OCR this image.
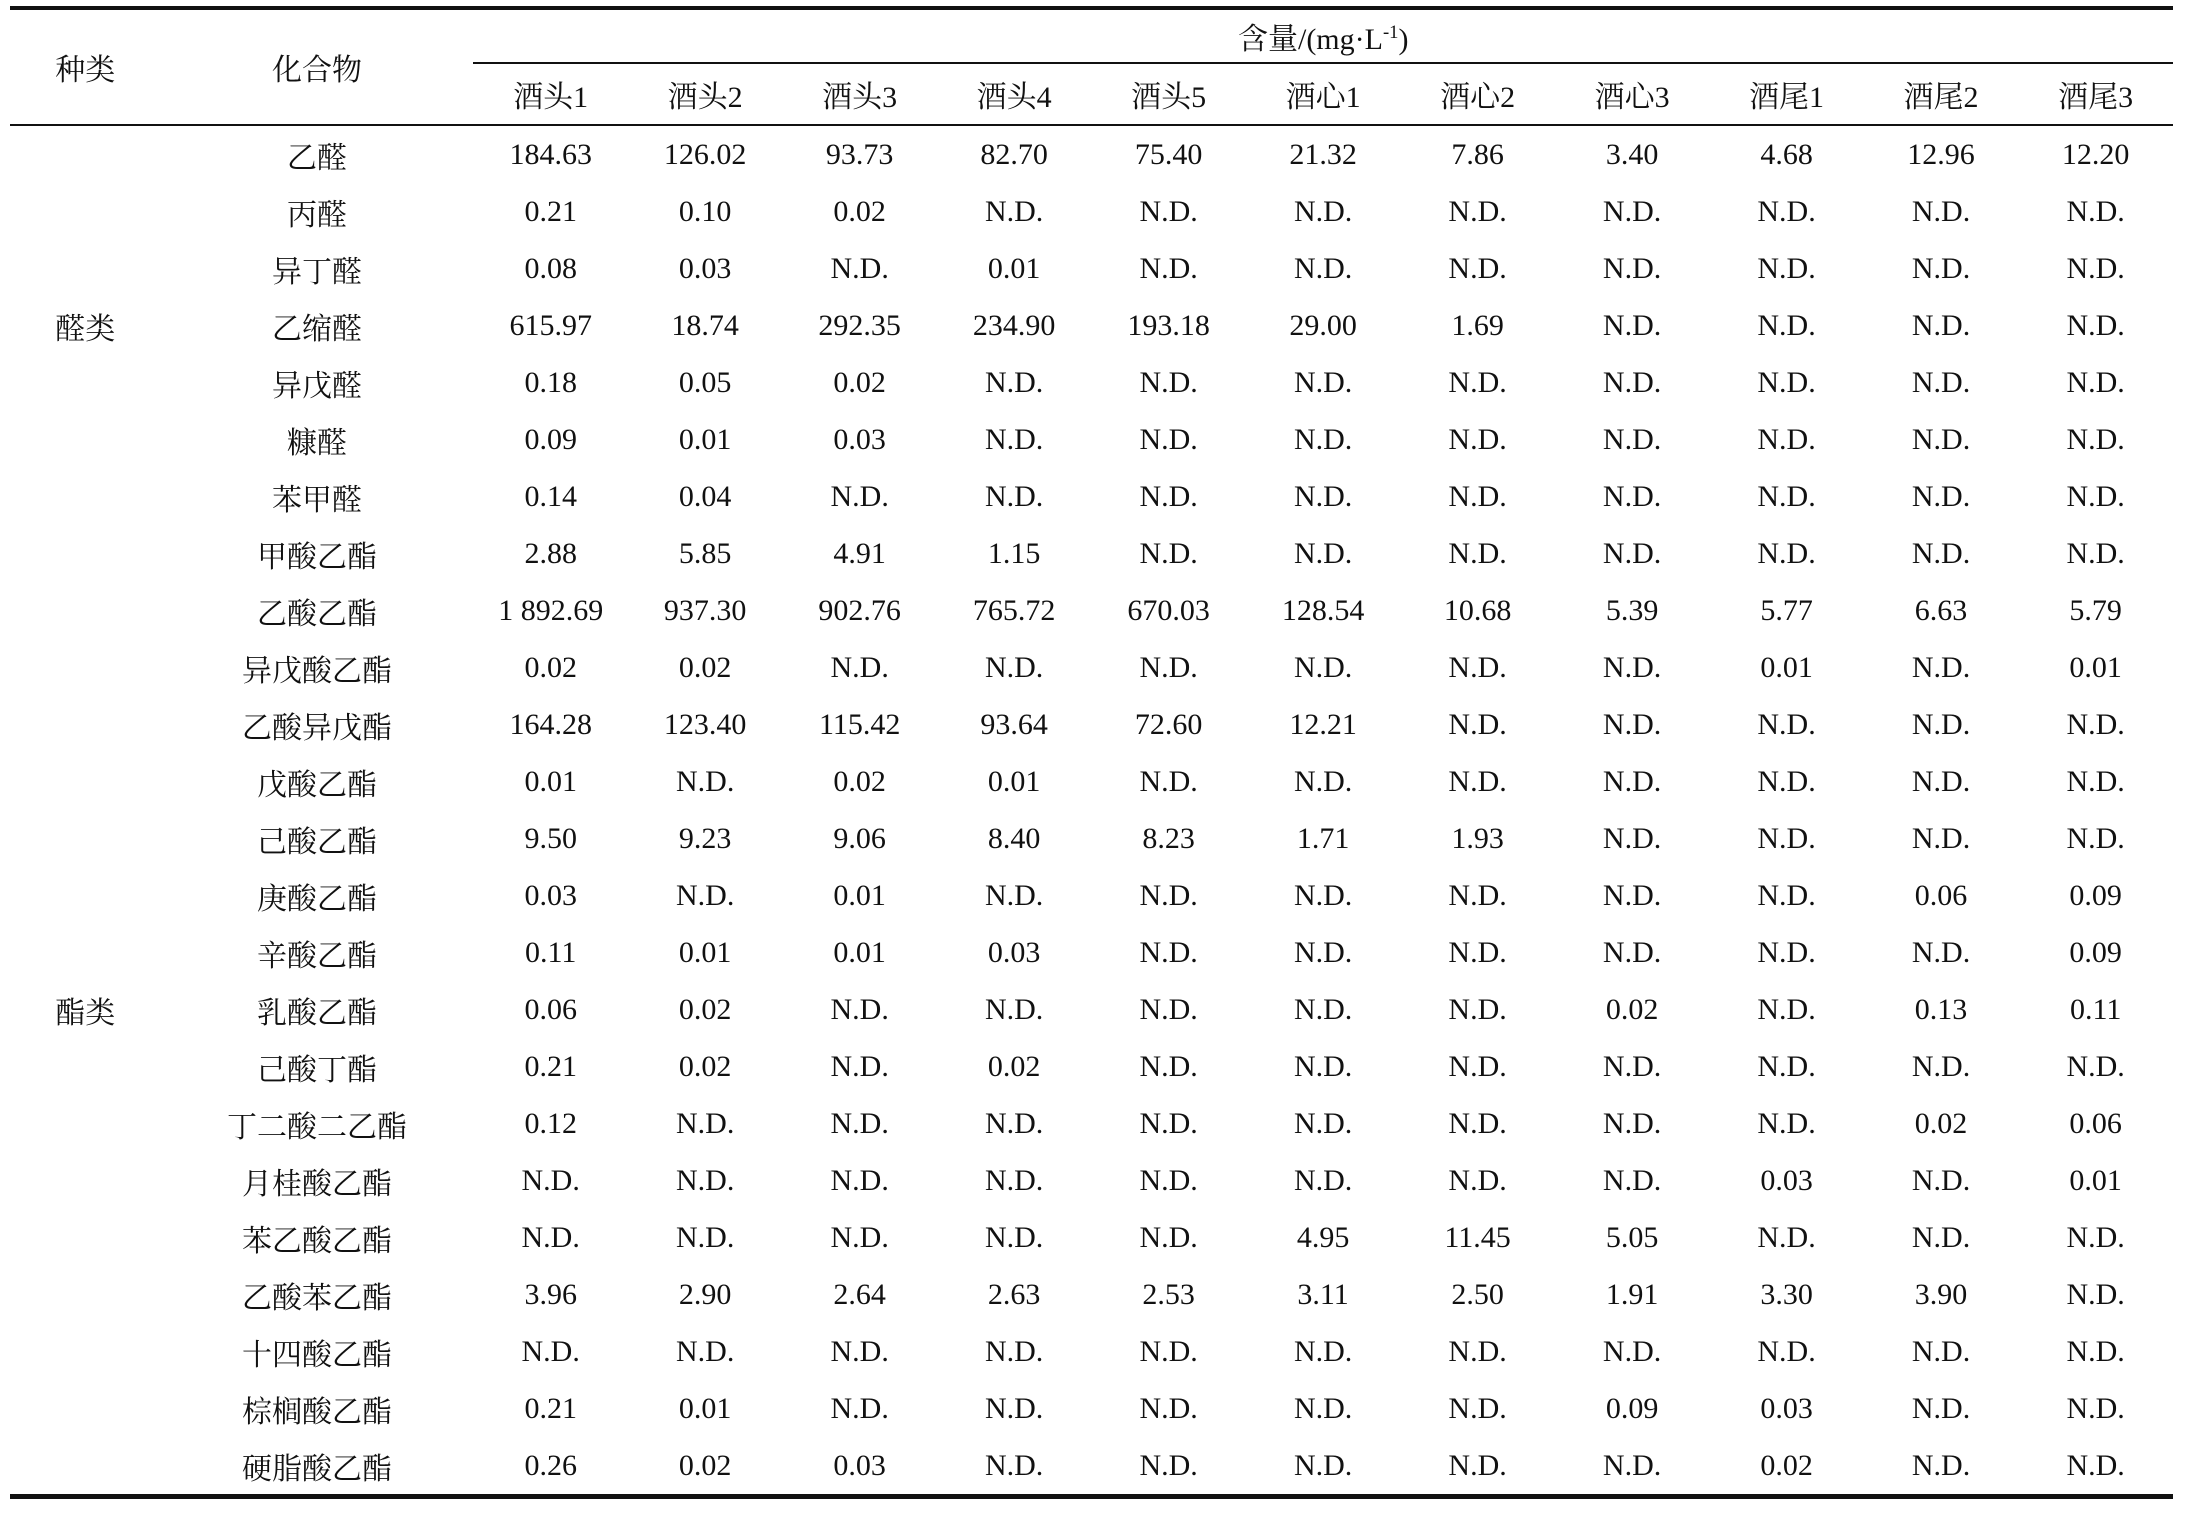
种类	化合物	含量$/(mg\cdot L^{-1})$										
		酒头1	酒头2	酒头3	酒头4	酒头5	酒心1	酒心2	酒心3	酒尾1	酒尾2	酒尾3
醛类	乙醛	184.63	126.02	93.73	82.70	75.40	21.32	7.86	3.40	4.68	12.96	12.20
	丙醛	0.21	0.10	0.02	N.D.	N.D.	N.D.	N.D.	N.D.	N.D.	N.D.	N.D.
	异丁醛	0.08	0.03	N.D.	0.01	N.D.	N.D.	N.D.	N.D.	N.D.	N.D.	N.D.
	乙缩醛	615.97	18.74	292.35	234.90	193.18	29.00	1.69	N.D.	N.D.	N.D.	N.D.
	异戊醛	0.18	0.05	0.02	N.D.	N.D.	N.D.	N.D.	N.D.	N.D.	N.D.	N.D.
	糠醛	0.09	0.01	0.03	N.D.	N.D.	N.D.	N.D.	N.D.	N.D.	N.D.	N.D.
	苯甲醛	0.14	0.04	N.D.	N.D.	N.D.	N.D.	N.D.	N.D.	N.D.	N.D.	N.D.
酯类	甲酸乙酯	2.88	5.85	4.91	1.15	N.D.	N.D.	N.D.	N.D.	N.D.	N.D.	N.D.
	乙酸乙酯	1 892.69	937.30	902.76	765.72	670.03	128.54	10.68	5.39	5.77	6.63	5.79
	异戊酸乙酯	0.02	0.02	N.D.	N.D.	N.D.	N.D.	N.D.	N.D.	0.01	N.D.	0.01
	乙酸异戊酯	164.28	123.40	115.42	93.64	72.60	12.21	N.D.	N.D.	N.D.	N.D.	N.D.
	戊酸乙酯	0.01	N.D.	0.02	0.01	N.D.	N.D.	N.D.	N.D.	N.D.	N.D.	N.D.
	己酸乙酯	9.50	9.23	9.06	8.40	8.23	1.71	1.93	N.D.	N.D.	N.D.	N.D.
	庚酸乙酯	0.03	N.D.	0.01	N.D.	N.D.	N.D.	N.D.	N.D.	N.D.	0.06	0.09
	辛酸乙酯	0.11	0.01	0.01	0.03	N.D.	N.D.	N.D.	N.D.	N.D.	N.D.	0.09
	乳酸乙酯	0.06	0.02	N.D.	N.D.	N.D.	N.D.	N.D.	0.02	N.D.	0.13	0.11
	己酸丁酯	0.21	0.02	N.D.	0.02	N.D.	N.D.	N.D.	N.D.	N.D.	N.D.	N.D.
	丁二酸二乙酯	0.12	N.D.	N.D.	N.D.	N.D.	N.D.	N.D.	N.D.	N.D.	0.02	0.06
	月桂酸乙酯	N.D.	N.D.	N.D.	N.D.	N.D.	N.D.	N.D.	N.D.	0.03	N.D.	0.01
	苯乙酸乙酯	N.D.	N.D.	N.D.	N.D.	N.D.	4.95	11.45	5.05	N.D.	N.D.	N.D.
	乙酸苯乙酯	3.96	2.90	2.64	2.63	2.53	3.11	2.50	1.91	3.30	3.90	N.D.
	十四酸乙酯	N.D.	N.D.	N.D.	N.D.	N.D.	N.D.	N.D.	N.D.	N.D.	N.D.	N.D.
	棕榈酸乙酯	0.21	0.01	N.D.	N.D.	N.D.	N.D.	N.D.	0.09	0.03	N.D.	N.D.
	硬脂酸乙酯	0.26	0.02	0.03	N.D.	N.D.	N.D.	N.D.	N.D.	0.02	N.D.	N.D.
